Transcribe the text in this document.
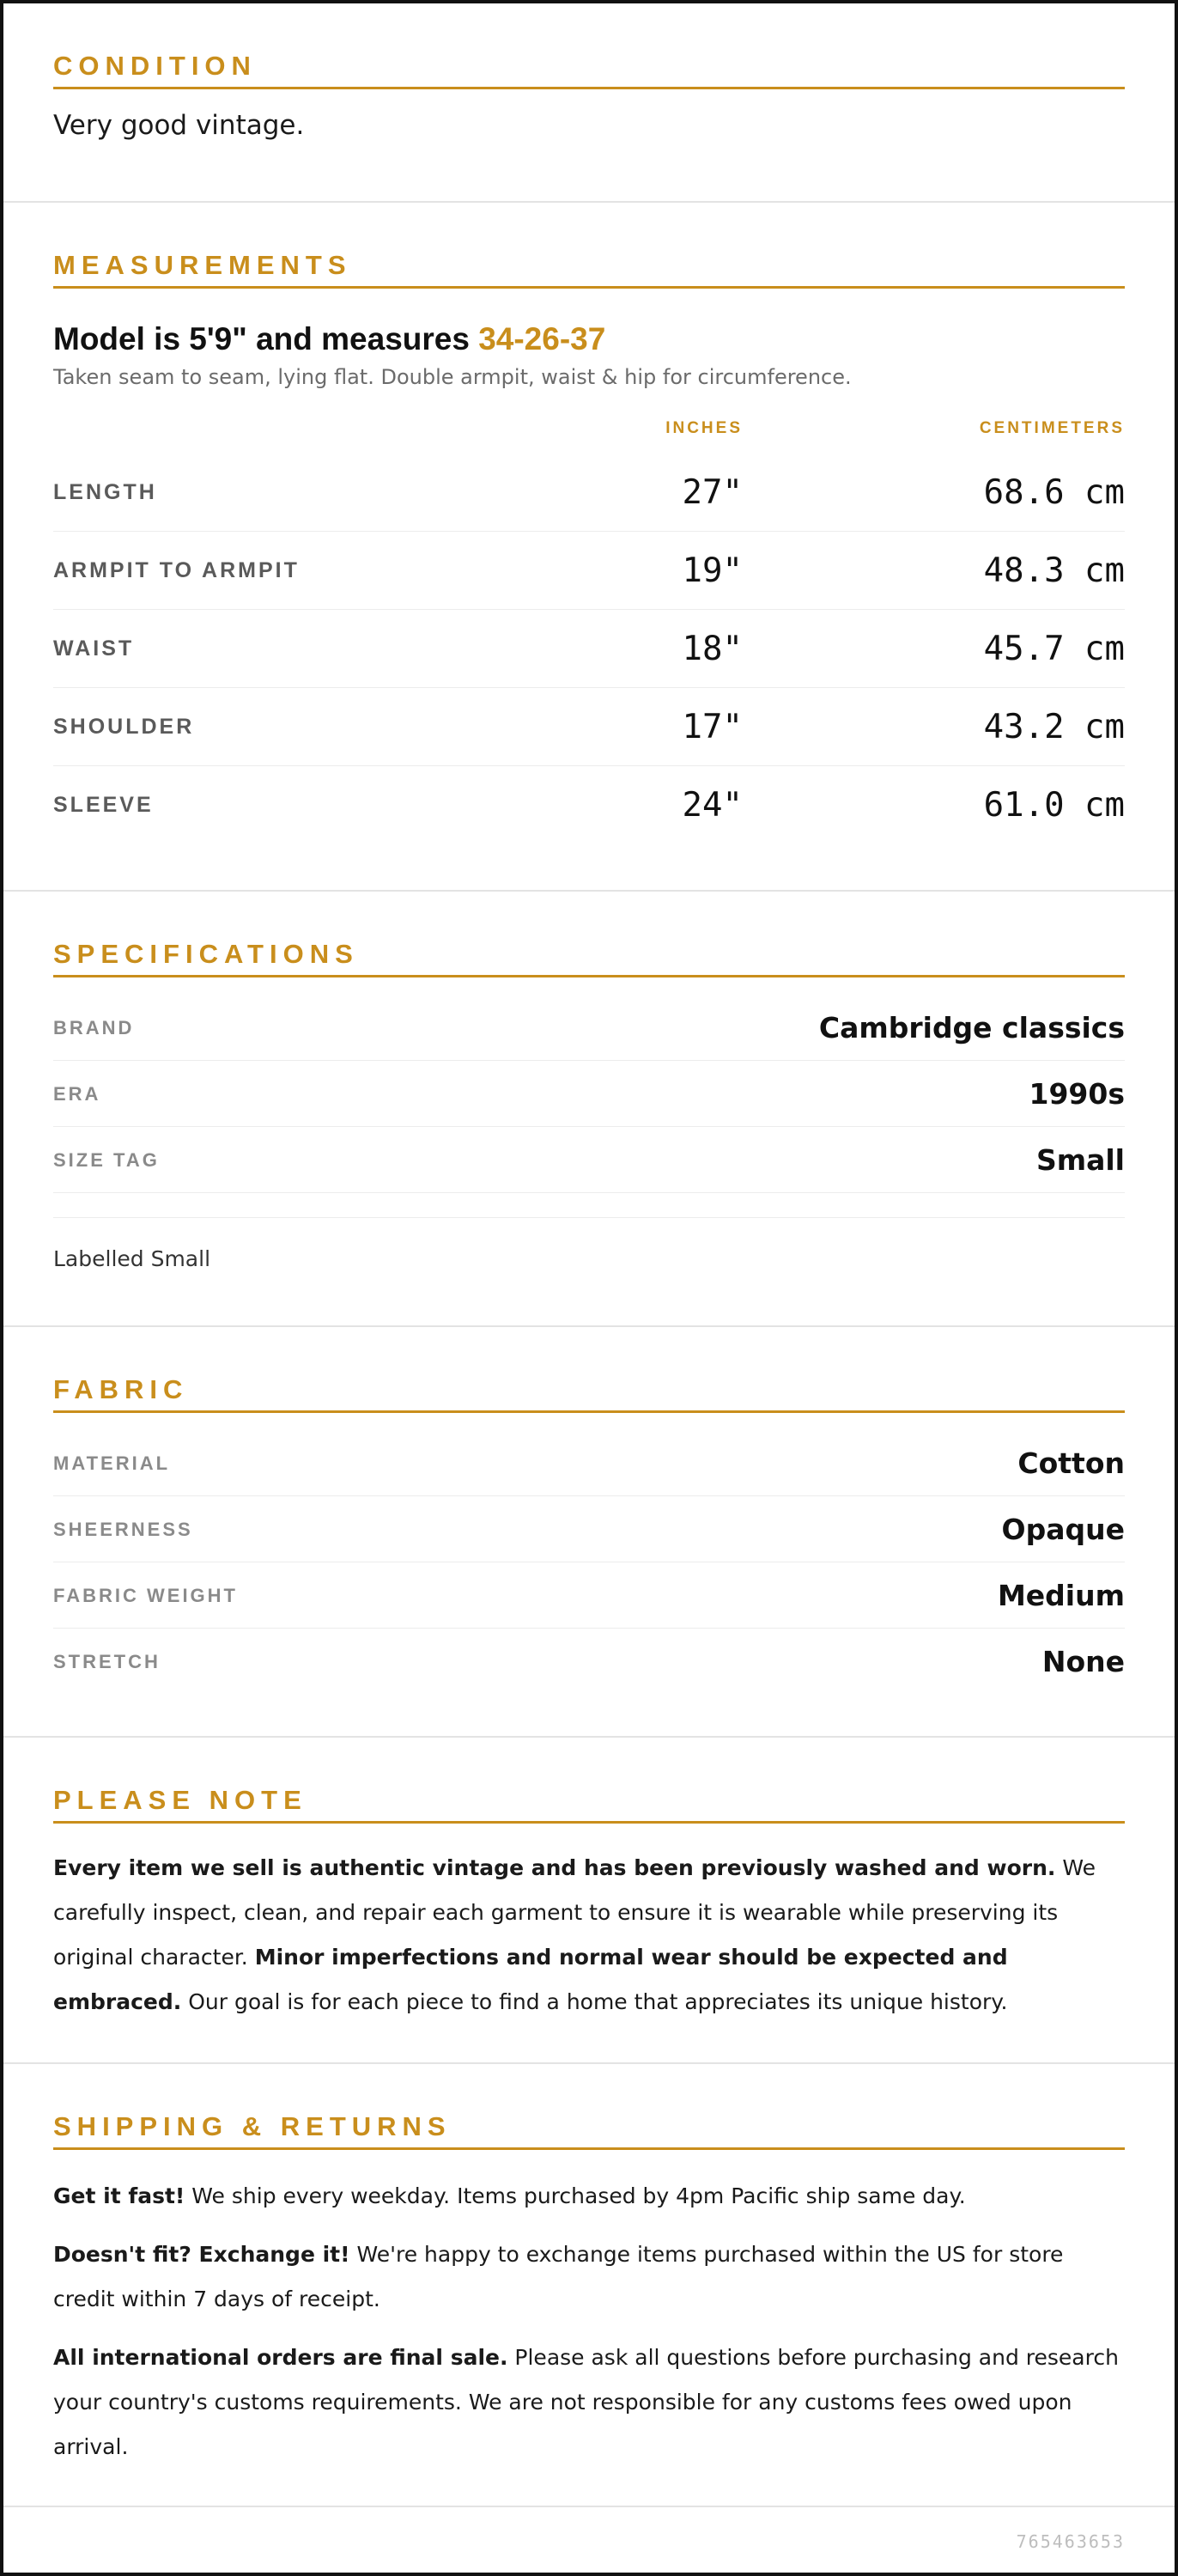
CONDITION
Very good vintage.
MEASUREMENTS
Model is 5'9" and measures 34-26-37
Taken seam to seam, lying flat. Double armpit, waist & hip for circumference.
INCHES	CENTIMETERS
LENGTH	27"	68.6 cm
ARMPIT TO ARMPIT	19"	48.3 cm
WAIST	18"	45.7 cm
SHOULDER	17"	43.2 cm
SLEEVE	24"	61.0 cm
SPECIFICATIONS
BRAND	Cambridge classics
ERA	1990s
SIZE TAG	Small
Labelled Small
FABRIC
MATERIAL	Cotton
SHEERNESS	Opaque
FABRIC WEIGHT	Medium
STRETCH	None
PLEASE NOTE
Every item we sell is authentic vintage and has been previously washed and worn. We carefully inspect, clean, and repair each garment to ensure it is wearable while preserving its original character. Minor imperfections and normal wear should be expected and embraced. Our goal is for each piece to find a home that appreciates its unique history.
SHIPPING & RETURNS
Get it fast! We ship every weekday. Items purchased by 4pm Pacific ship same day.
Doesn't fit? Exchange it! We're happy to exchange items purchased within the US for store credit within 7 days of receipt.
All international orders are final sale. Please ask all questions before purchasing and research your country's customs requirements. We are not responsible for any customs fees owed upon arrival.
765463653
